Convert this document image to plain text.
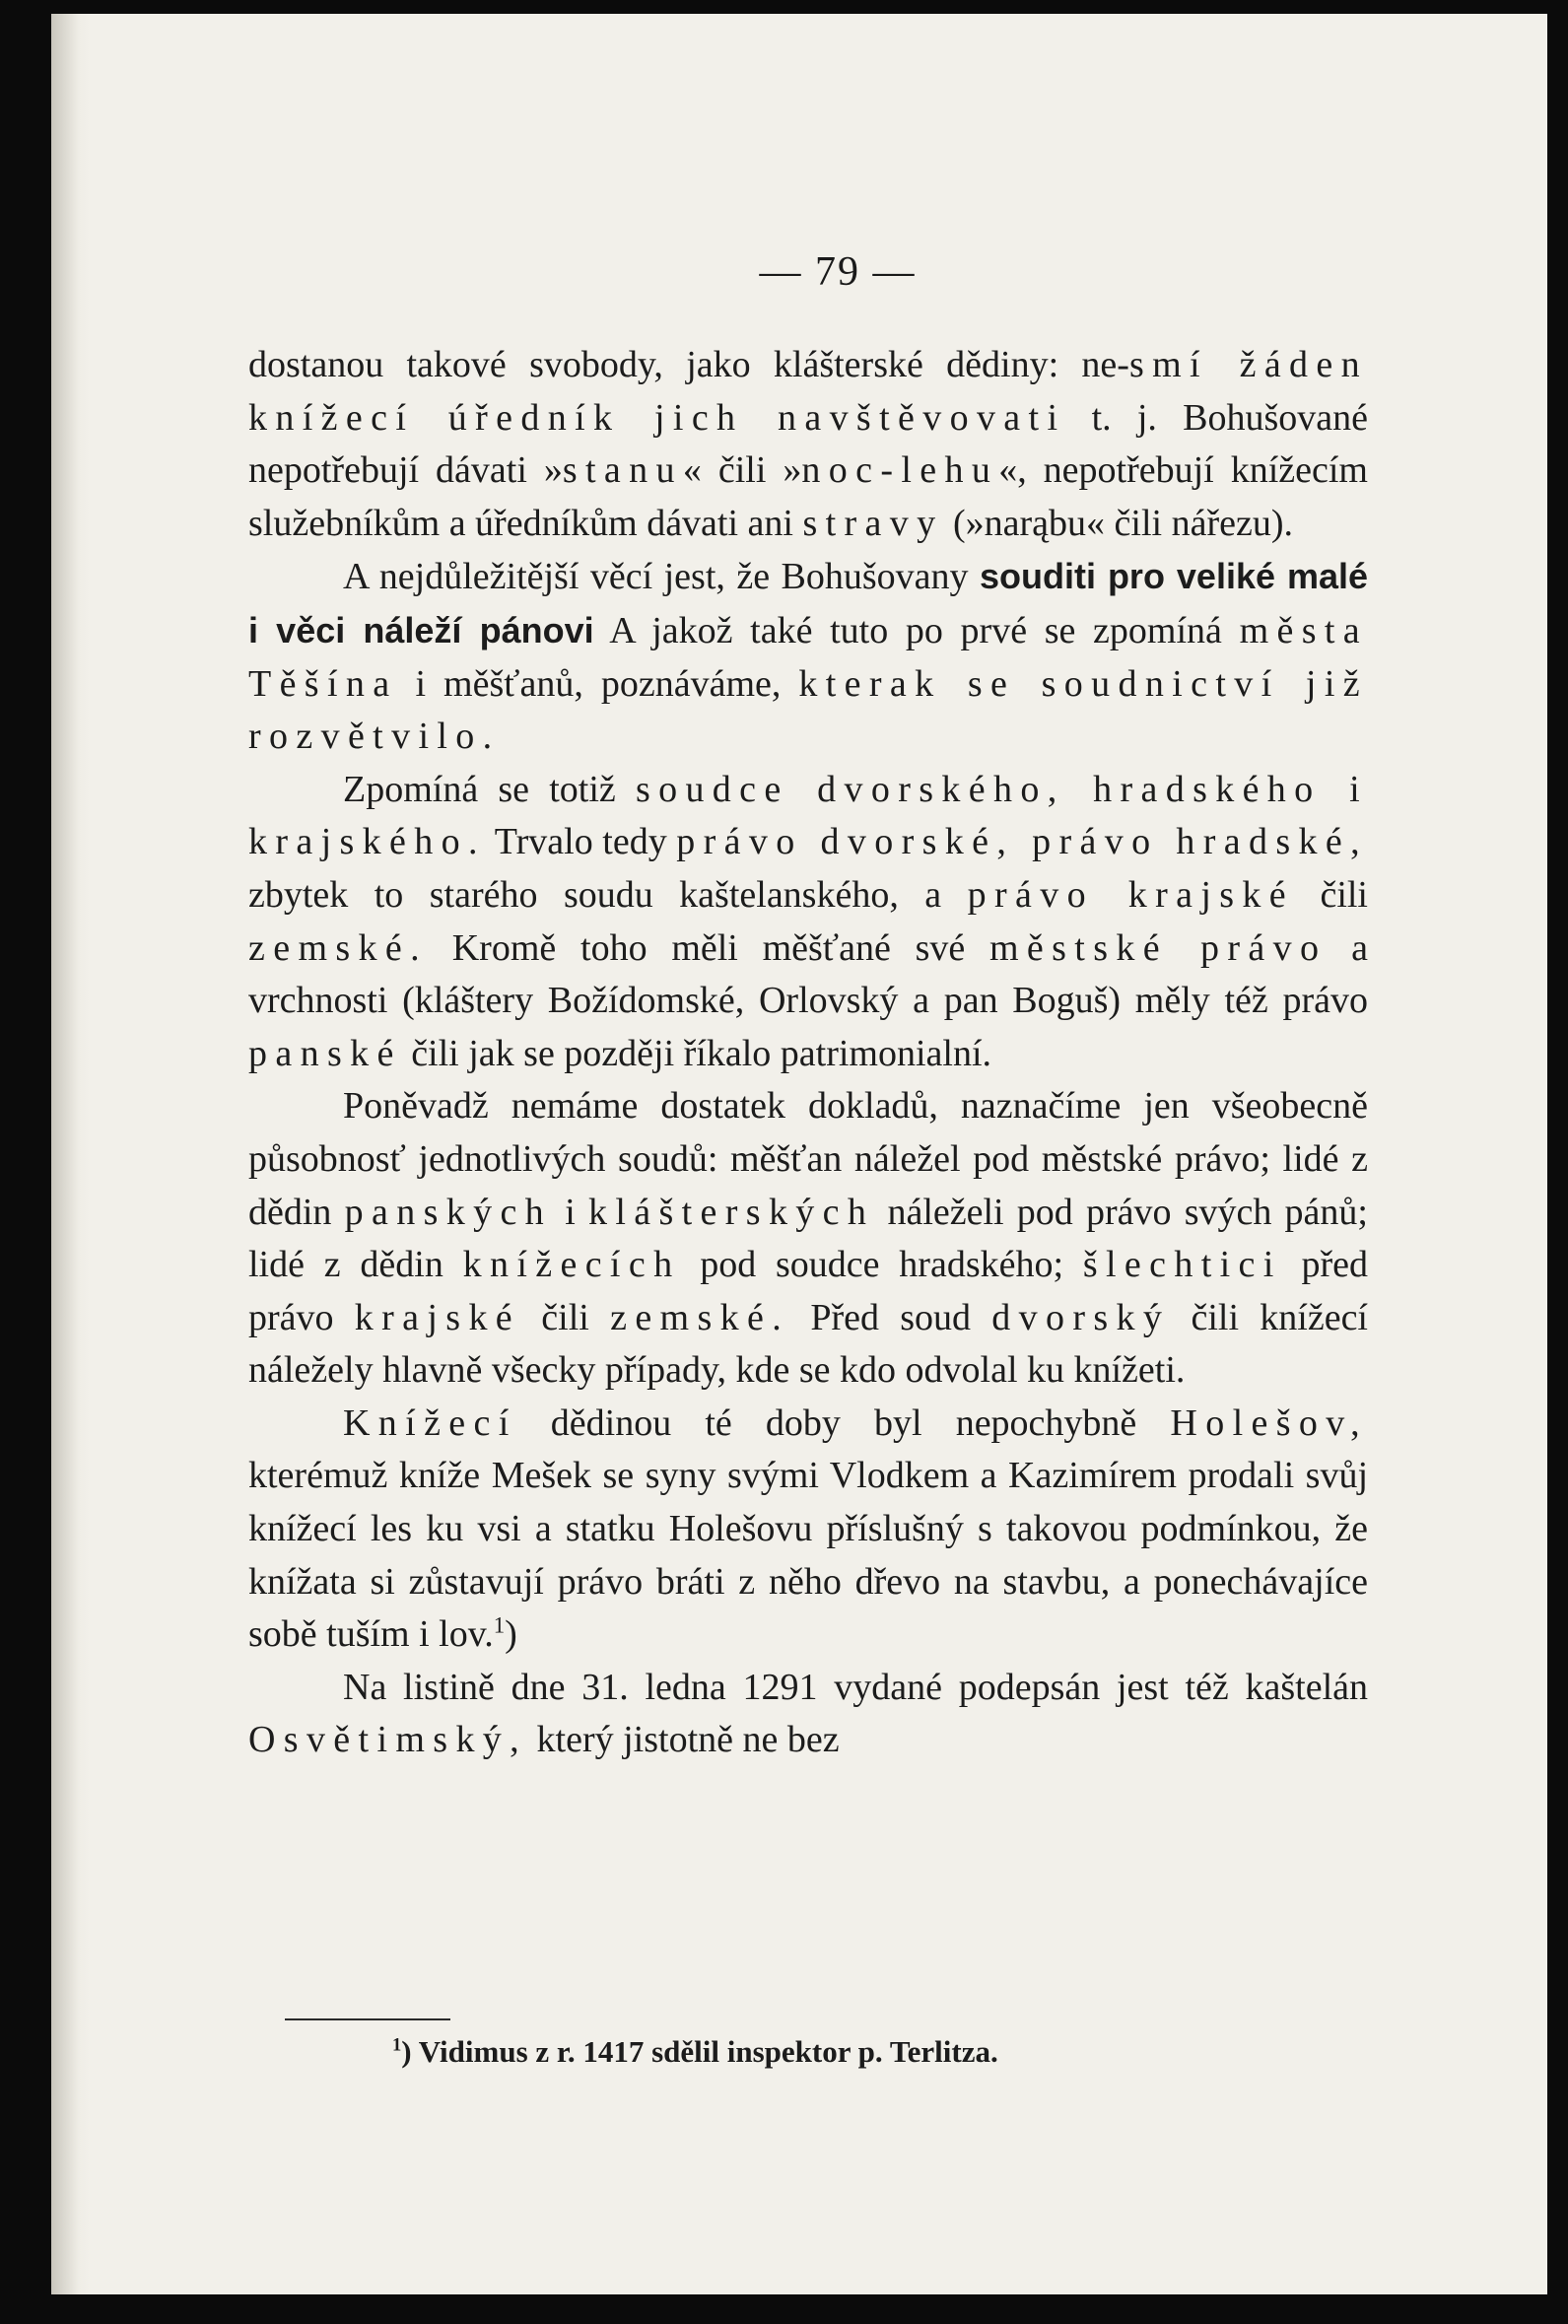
— 79 —

dostanou takové svobody, jako klášterské dědiny: ne-smí žáden knížecí úředník jich navštěvovati t. j. Bohušované nepotřebují dávati »stanu« čili »noc-lehu«, nepotřebují knížecím služebníkům a úředníkům dávati ani stravy (»narąbu« čili nářezu).

A nejdůležitější věcí jest, že Bohušovany souditi pro veliké malé i věci náleží pánovi A jakož také tuto po prvé se zpomíná města Těšína i měšťanů, poznáváme, kterak se soudnictví již rozvětvilo.

Zpomíná se totiž soudce dvorského, hradského i krajského. Trvalo tedy právo dvorské, právo hradské, zbytek to starého soudu kaštelanského, a právo krajské čili zemské. Kromě toho měli měšťané své městské právo a vrchnosti (kláštery Božídomské, Orlovský a pan Boguš) měly též právo panské čili jak se později říkalo patrimonialní.

Poněvadž nemáme dostatek dokladů, naznačíme jen všeobecně působnosť jednotlivých soudů: měšťan náležel pod městské právo; lidé z dědin panských i klášterských náleželi pod právo svých pánů; lidé z dědin knížecích pod soudce hradského; šlechtici před právo krajské čili zemské. Před soud dvorský čili knížecí náležely hlavně všecky případy, kde se kdo odvolal ku knížeti.

Knížecí dědinou té doby byl nepochybně Holešov, kterémuž kníže Mešek se syny svými Vlodkem a Kazimírem prodali svůj knížecí les ku vsi a statku Holešovu příslušný s takovou podmínkou, že knížata si zůstavují právo bráti z něho dřevo na stavbu, a ponechávajíce sobě tuším i lov.$^1$)

Na listině dne 31. ledna 1291 vydané podepsán jest též kaštelán Osvětimský, který jistotně ne bez

$^1$) Vidimus z r. 1417 sdělil inspektor p. Terlitza.
